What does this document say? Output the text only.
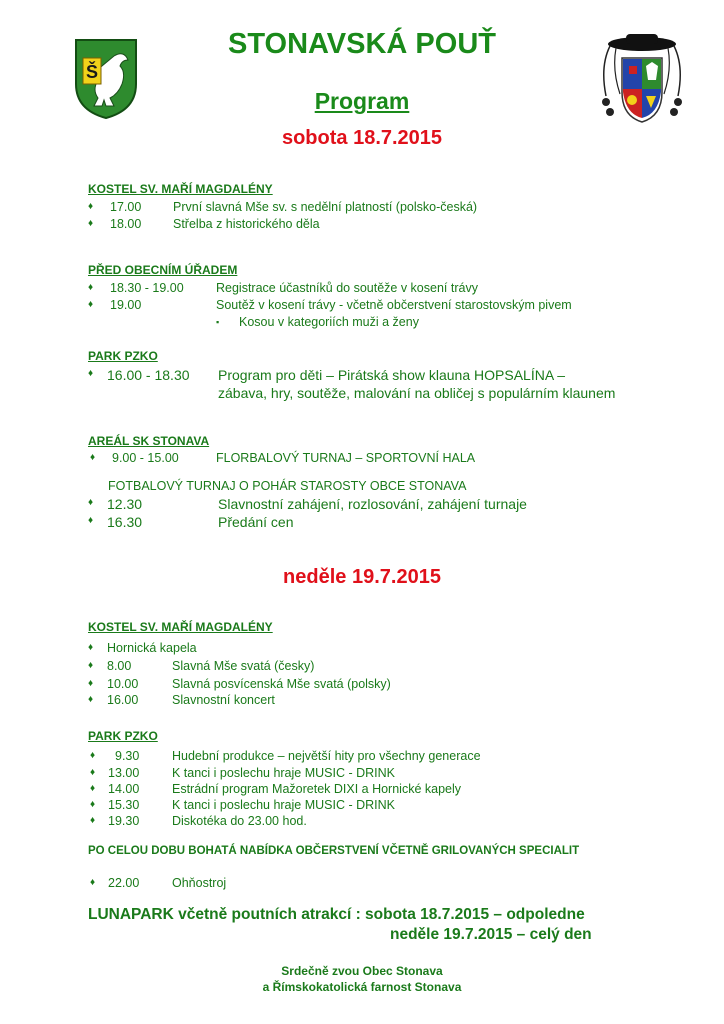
Š
STONAVSKÁ POUŤ
Program
sobota 18.7.2015
KOSTEL SV. MAŘÍ MAGDALÉNY
♦ 17.00	První slavná Mše sv. s nedělní platností (polsko-česká)
♦ 18.00	Střelba z historického děla
PŘED OBECNÍM ÚŘADEM
♦ 18.30 - 19.00	Registrace účastníků do soutěže v kosení trávy
♦ 19.00	Soutěž v kosení trávy - včetně občerstvení starostovským pivem
▪ Kosou v kategoriích muži a ženy
PARK PZKO
♦ 16.00 - 18.30 Program pro děti – Pirátská show klauna HOPSALÍNA –
zábava, hry, soutěže, malování na obličej s populárním klaunem
AREÁL SK STONAVA
♦ 9.00 - 15.00	FLORBALOVÝ TURNAJ – SPORTOVNÍ HALA
FOTBALOVÝ TURNAJ O POHÁR STAROSTY OBCE STONAVA
♦ 12.30	Slavnostní zahájení, rozlosování, zahájení turnaje
♦ 16.30	Předání cen
neděle 19.7.2015
KOSTEL SV. MAŘÍ MAGDALÉNY
♦ Hornická kapela
♦ 8.00	Slavná Mše svatá (česky)
♦ 10.00	Slavná posvícenská Mše svatá (polsky)
♦ 16.00	Slavnostní koncert
PARK PZKO
♦ 9.30	Hudební produkce – největší hity pro všechny generace
♦ 13.00	K tanci i poslechu hraje MUSIC - DRINK
♦ 14.00	Estrádní program Mažoretek DIXI a Hornické kapely
♦ 15.30	K tanci i poslechu hraje MUSIC - DRINK
♦ 19.30	Diskotéka do 23.00 hod.
PO CELOU DOBU BOHATÁ NABÍDKA OBČERSTVENÍ VČETNĚ GRILOVANÝCH SPECIALIT
♦ 22.00	Ohňostroj
LUNAPARK včetně poutních atrakcí : sobota 18.7.2015 – odpoledne
neděle 19.7.2015 – celý den
Srdečně zvou Obec Stonava
a Římskokatolická farnost Stonava
